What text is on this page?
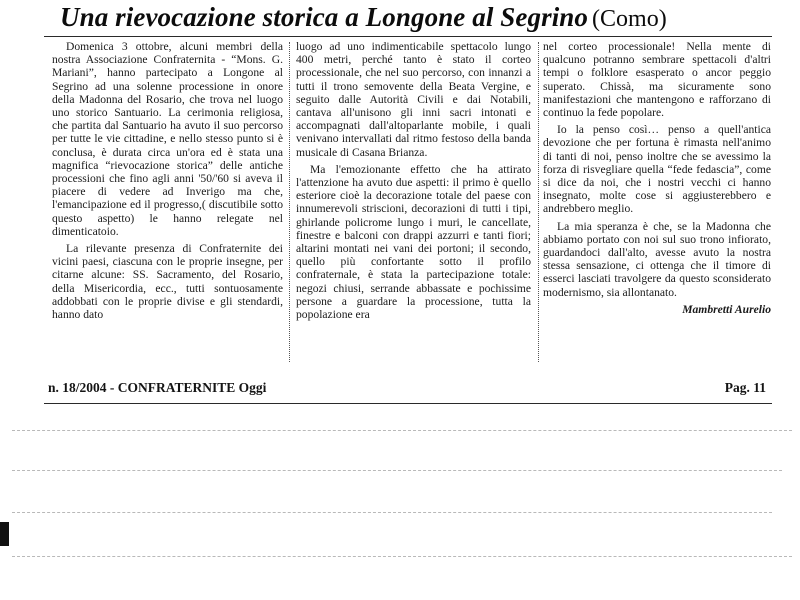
Una rievocazione storica a Longone al Segrino (Como)

Domenica 3 ottobre, alcuni membri della nostra Associazione Confraternita - “Mons. G. Mariani”, hanno partecipato a Longone al Segrino ad una solenne processione in onore della Madonna del Rosario, che trova nel luogo uno storico Santuario. La cerimonia religiosa, che partita dal Santuario ha avuto il suo percorso per tutte le vie cittadine, e nello stesso punto si è conclusa, è durata circa un'ora ed è stata una magnifica “rievocazione storica” delle antiche processioni che fino agli anni '50/'60 si aveva il piacere di vedere ad Inverigo ma che, l'emancipazione ed il progresso,( discutibile sotto questo aspetto) le hanno relegate nel dimenticatoio.

La rilevante presenza di Confraternite dei vicini paesi, ciascuna con le proprie insegne, per citarne alcune: SS. Sacramento, del Rosario, della Misericordia, ecc., tutti sontuosamente addobbati con le proprie divise e gli stendardi, hanno dato

luogo ad uno indimenticabile spettacolo lungo 400 metri, perché tanto è stato il corteo processionale, che nel suo percorso, con innanzi a tutti il trono semovente della Beata Vergine, e seguito dalle Autorità Civili e dai Notabili, cantava all'unisono gli inni sacri intonati e accompagnati dall'altoparlante mobile, i quali venivano intervallati dal ritmo festoso della banda musicale di Casana Brianza.

Ma l'emozionante effetto che ha attirato l'attenzione ha avuto due aspetti: il primo è quello esteriore cioè la decorazione totale del paese con innumerevoli striscioni, decorazioni di tutti i tipi, ghirlande policrome lungo i muri, le cancellate, finestre e balconi con drappi azzurri e tanti fiori; altarini montati nei vani dei portoni; il secondo, quello più confortante sotto il profilo confraternale, è stata la partecipazione totale: negozi chiusi, serrande abbassate e pochissime persone a guardare la processione, tutta la popolazione era

nel corteo processionale! Nella mente di qualcuno potranno sembrare spettacoli d'altri tempi o folklore esasperato o ancor peggio superato. Chissà, ma sicuramente sono manifestazioni che mantengono e rafforzano di continuo la fede popolare.

Io la penso così… penso a quell'antica devozione che per fortuna è rimasta nell'animo di tanti di noi, penso inoltre che se avessimo la forza di risvegliare quella “fede fedascia”, come si dice da noi, che i nostri vecchi ci hanno insegnato, molte cose si aggiusterebbero e andrebbero meglio.

La mia speranza è che, se la Madonna che abbiamo portato con noi sul suo trono infiorato, guardandoci dall'alto, avesse avuto la nostra stessa sensazione, ci ottenga che il timore di esserci lasciati travolgere da questo sconsiderato modernismo, sia allontanato.

Mambretti Aurelio
n. 18/2004 - CONFRATERNITE Oggi	Pag. 11
